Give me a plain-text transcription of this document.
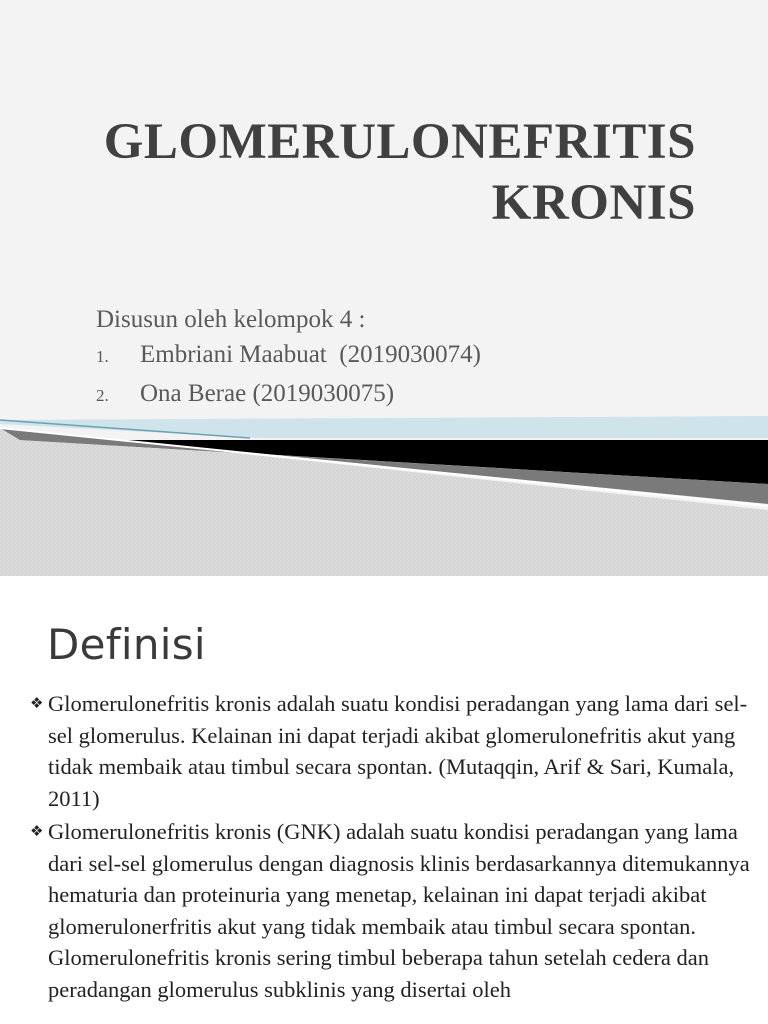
GLOMERULONEFRITIS
KRONIS
Disusun oleh kelompok 4 :
1.	Embriani Maabuat  (2019030074)
2.	Ona Berae (2019030075)
Definisi
❖ Glomerulonefritis kronis adalah suatu kondisi peradangan yang lama dari sel-sel glomerulus. Kelainan ini dapat terjadi akibat glomerulonefritis akut yang tidak membaik atau timbul secara spontan. (Mutaqqin, Arif & Sari, Kumala, 2011)
❖ Glomerulonefritis kronis (GNK) adalah suatu kondisi peradangan yang lama dari sel-sel glomerulus dengan diagnosis klinis berdasarkannya ditemukannya hematuria dan proteinuria yang menetap, kelainan ini dapat terjadi akibat glomerulonerfritis akut yang tidak membaik atau timbul secara spontan. Glomerulonefritis kronis sering timbul beberapa tahun setelah cedera dan peradangan glomerulus subklinis yang disertai oleh
